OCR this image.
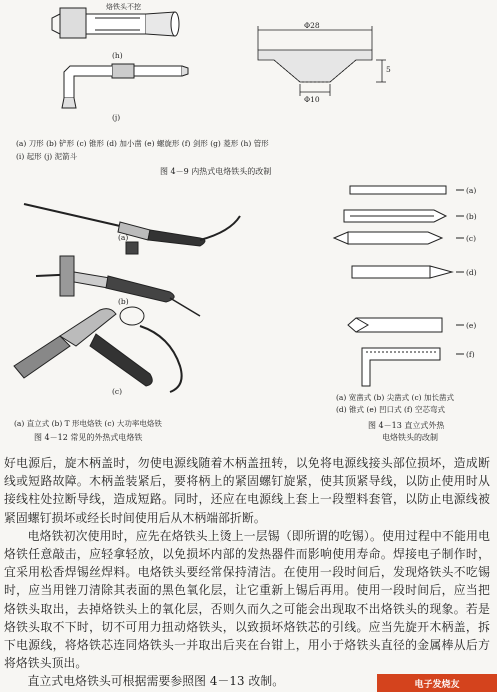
烙铁头不挖
(h)
(j)
Φ28
Φ10
5
(a) 刀形 (b) 铲形 (c) 锥形 (d) 加小凿 (e) 螺旋形 (f) 剑形 (g) 菱形 (h) 管形
(i) 起形 (j) 泥箭斗
图 4－9 内热式电烙铁头的改制
(a)
(b)
(c)
(a) 直立式 (b) T 形电烙铁 (c) 大功率电烙铁
图 4－12 常见的外热式电烙铁
(a)
(b)
(c)
(d)
(e)
(f)
(a) 宽凿式 (b) 尖凿式 (c) 加长凿式
(d) 锥式 (e) 凹口式 (f) 空芯弯式
图 4－13 直立式外热
电烙铁头的改制

好电源后，旋木柄盖时，勿使电源线随着木柄盖扭转，以免将电源线接头部位损坏，造成断线或短路故障。木柄盖装紧后，要将柄上的紧固螺钉旋紧，使其顶紧导线，以防止使用时从接线柱处拉断导线，造成短路。同时，还应在电源线上套上一段塑料套管，以防止电源线被紧固螺钉损坏或经长时间使用后从木柄端部折断。

电烙铁初次使用时，应先在烙铁头上烫上一层锡（即所谓的吃锡）。使用过程中不能用电烙铁任意敲击，应轻拿轻放，以免损坏内部的发热器件而影响使用寿命。焊接电子制作时，宜采用松香焊锡丝焊料。电烙铁头要经常保持清洁。在使用一段时间后，发现烙铁头不吃锡时，应当用锉刀清除其表面的黑色氧化层，让它重新上锡后再用。使用一段时间后，应当把烙铁头取出，去掉烙铁头上的氧化层，否则久而久之可能会出现取不出烙铁头的现象。若是烙铁头取不下时，切不可用力扭动烙铁头，以致损坏烙铁芯的引线。应当先旋开木柄盖，拆下电源线，将烙铁芯连同烙铁头一并取出后夹在台钳上，用小于烙铁头直径的金属棒从后方将烙铁头顶出。

直立式电烙铁头可根据需要参照图 4－13 改制。	电子发烧友
